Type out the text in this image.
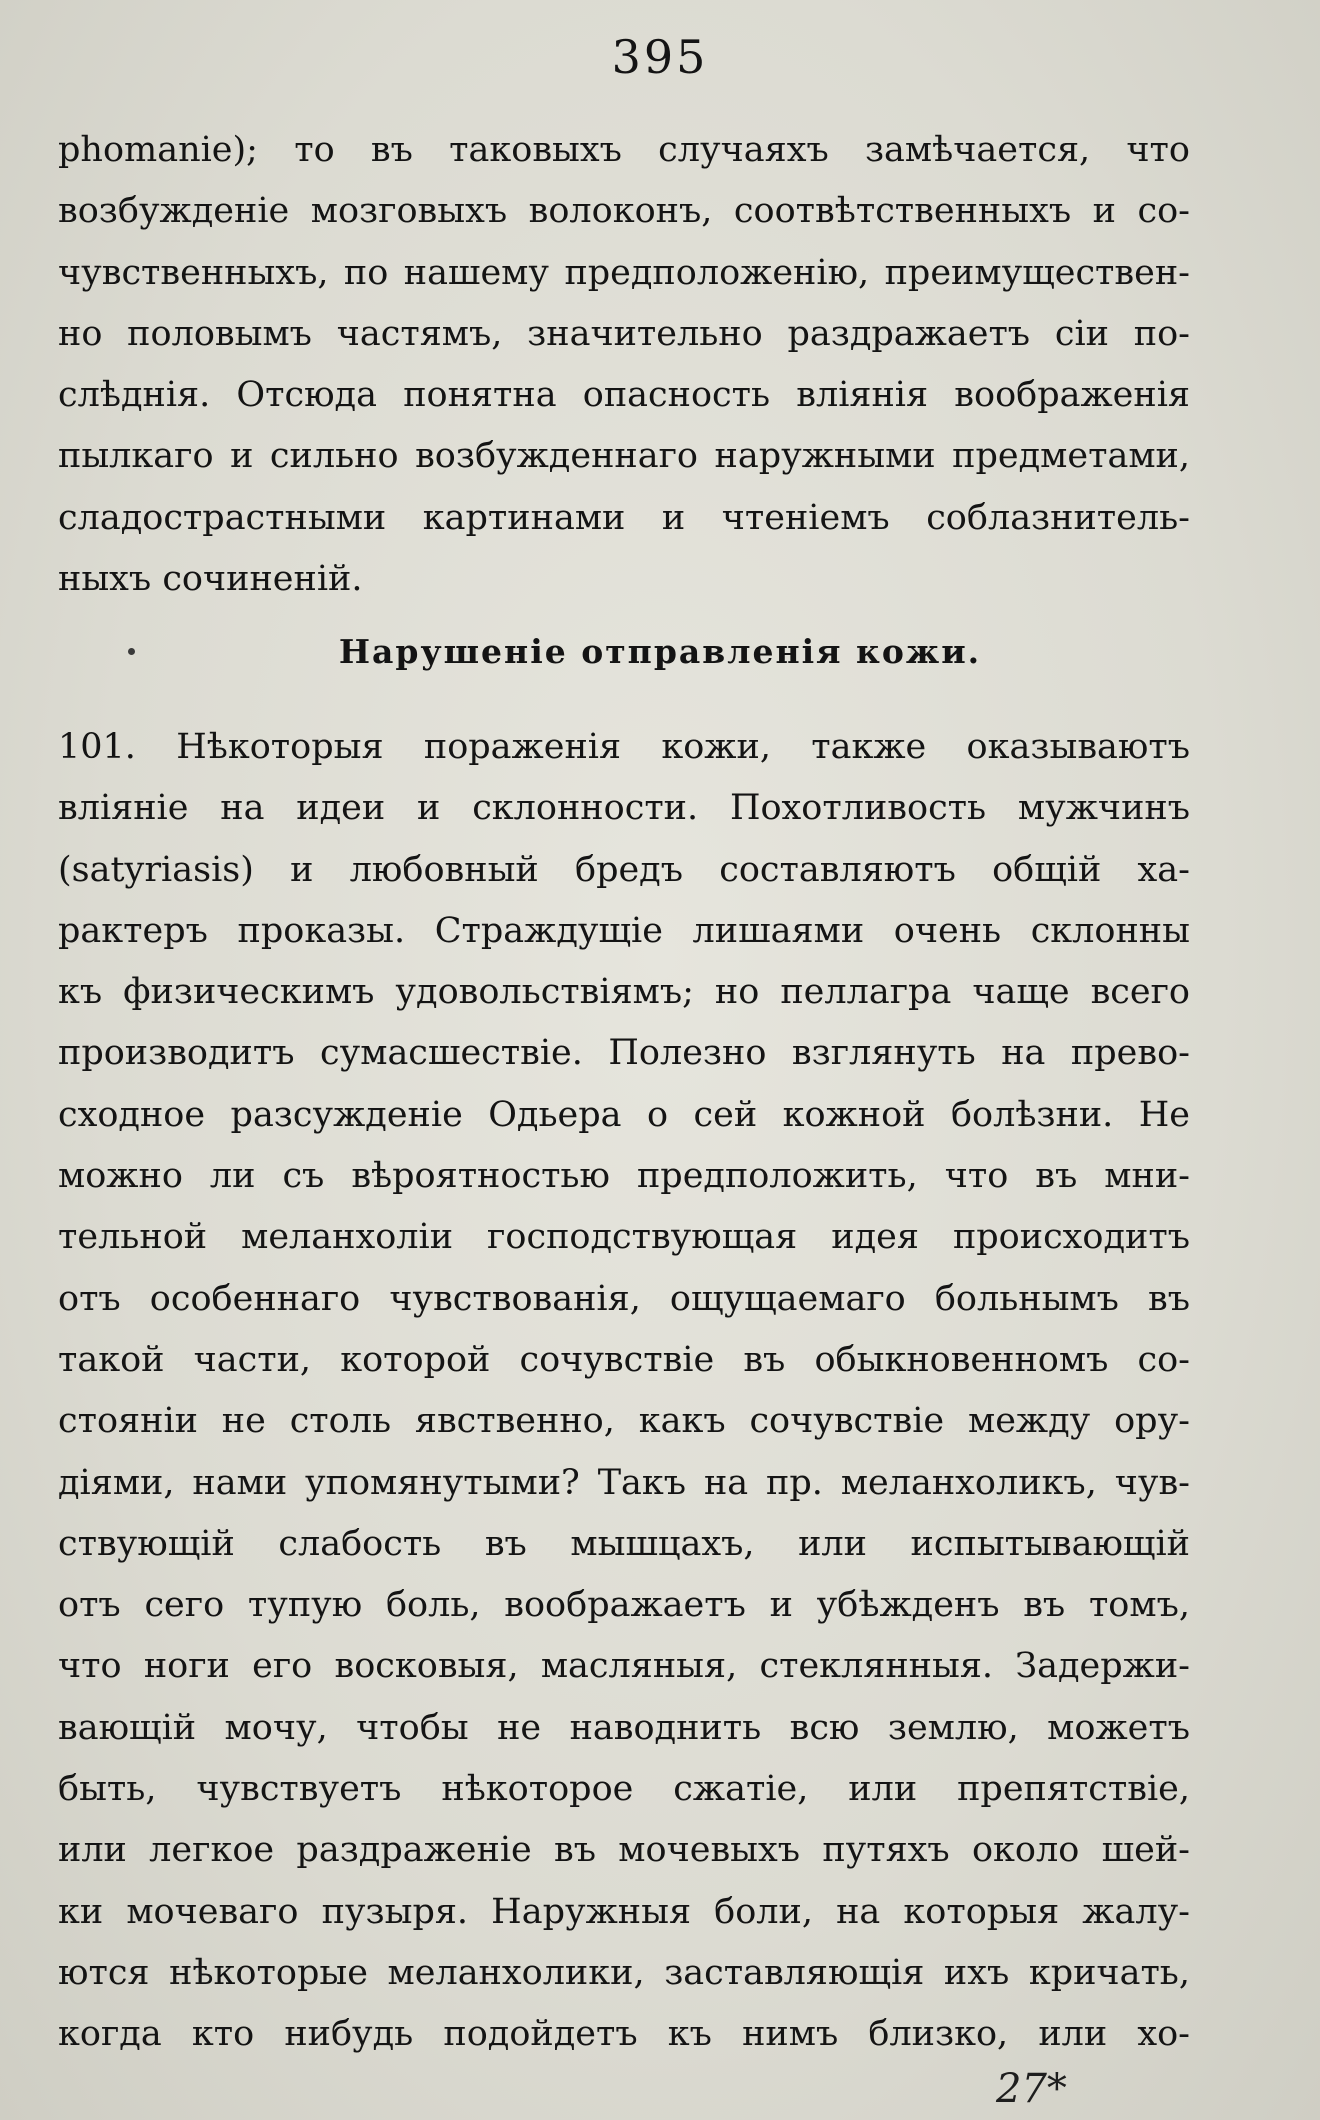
395
phomanie); то въ таковыхъ случаяхъ замѣчается, что
возбужденіе мозговыхъ волоконъ, соотвѣтственныхъ и со-
чувственныхъ, по нашему предположенію, преимуществен-
но половымъ частямъ, значительно раздражаетъ сіи по-
слѣднія. Отсюда понятна опасность вліянія воображенія
пылкаго и сильно возбужденнаго наружными предметами,
сладострастными картинами и чтеніемъ соблазнитель-
ныхъ сочиненій.
Нарушеніе отправленія кожи.
101. Нѣкоторыя пораженія кожи, также оказываютъ
вліяніе на идеи и склонности. Похотливость мужчинъ
(satyriasis) и любовный бредъ составляютъ общій ха-
рактеръ проказы. Страждущіе лишаями очень склонны
къ физическимъ удовольствіямъ; но пеллагра чаще всего
производитъ сумасшествіе. Полезно взглянуть на прево-
сходное разсужденіе Одьера о сей кожной болѣзни. Не
можно ли съ вѣроятностью предположить, что въ мни-
тельной меланхоліи господствующая идея происходитъ
отъ особеннаго чувствованія, ощущаемаго больнымъ въ
такой части, которой сочувствіе въ обыкновенномъ со-
стояніи не столь явственно, какъ сочувствіе между ору-
діями, нами упомянутыми? Такъ на пр. меланхоликъ, чув-
ствующій слабость въ мышцахъ, или испытывающій
отъ сего тупую боль, воображаетъ и убѣжденъ въ томъ,
что ноги его восковыя, масляныя, стеклянныя. Задержи-
вающій мочу, чтобы не наводнить всю землю, можетъ
быть, чувствуетъ нѣкоторое сжатіе, или препятствіе,
или легкое раздраженіе въ мочевыхъ путяхъ около шей-
ки мочеваго пузыря. Наружныя боли, на которыя жалу-
ются нѣкоторые меланхолики, заставляющія ихъ кричать,
когда кто нибудь подойдетъ къ нимъ близко, или хо-
27*
